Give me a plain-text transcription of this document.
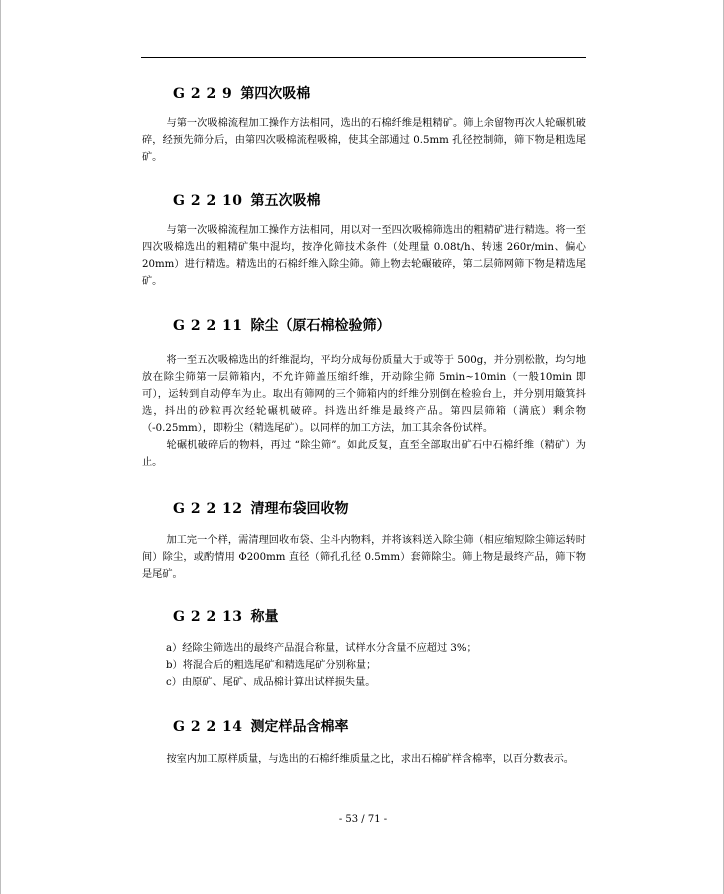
G 2 2 9 第四次吸棉

与第一次吸棉流程加工操作方法相同，选出的石棉纤维是粗精矿。筛上余留物再次人轮碾机破碎，经预先筛分后，由第四次吸棉流程吸棉，使其全部通过 0.5mm 孔径控制筛，筛下物是粗选尾矿。

G 2 2 10 第五次吸棉

与第一次吸棉流程加工操作方法相同，用以对一至四次吸棉筛选出的粗精矿进行精选。将一至四次吸棉选出的粗精矿集中混均，按净化筛技术条件（处理量 0.08t/h、转速 260r/min、偏心 20mm）进行精选。精选出的石棉纤维入除尘筛。筛上物去轮碾破碎，第二层筛网筛下物是精选尾矿。

G 2 2 11 除尘（原石棉检验筛）

将一至五次吸棉选出的纤维混均，平均分成每份质量大于或等于 500g，并分别松散，均匀地放在除尘筛第一层筛箱内，不允许筛盖压缩纤维，开动除尘筛 5min~10min（一般10min 即可），运转到自动停车为止。取出有筛网的三个筛箱内的纤维分别倒在检验台上，并分别用簸箕抖选，抖出的砂粒再次经轮碾机破碎。抖选出纤维是最终产品。第四层筛箱（满底）剩余物（-0.25mm），即粉尘（精选尾矿）。以同样的加工方法，加工其余各份试样。

轮碾机破碎后的物料，再过 “除尘筛”。如此反复，直至全部取出矿石中石棉纤维（精矿）为止。

G 2 2 12 清理布袋回收物

加工完一个样，需清理回收布袋、尘斗内物料，并将该料送入除尘筛（相应缩短除尘筛运转时间）除尘，或酌情用 Φ200mm 直径（筛孔孔径 0.5mm）套筛除尘。筛上物是最终产品，筛下物是尾矿。

G 2 2 13 称量

a）经除尘筛选出的最终产品混合称量，试样水分含量不应超过 3%；

b）将混合后的粗选尾矿和精选尾矿分别称量；

c）由原矿、尾矿、成品棉计算出试样损失量。

G 2 2 14 测定样品含棉率

按室内加工原样质量，与选出的石棉纤维质量之比，求出石棉矿样含棉率，以百分数表示。

- 53 / 71 -
